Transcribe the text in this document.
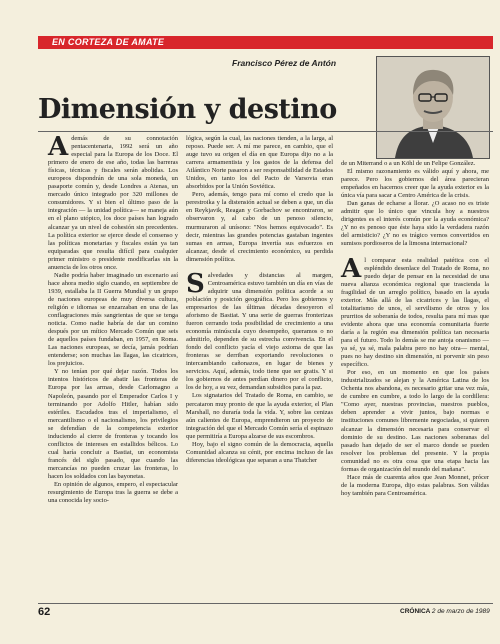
EN CORTEZA DE AMATE
Francisco Pérez de Antón
Dimensión y destino

Además de su connotación pentacentenaria, 1992 será un año especial para la Europa de los Doce. El primero de enero de ese año, todas las barreras físicas, técnicas y fiscales serán abolidas. Los europeos dispondrán de una sola moneda, un pasaporte común y, desde Londres a Atenas, un mercado único integrado por 320 millones de consumidores. Y si bien el último paso de la integración — la unidad política— se maneja aún en el plano utópico, los doce países han logrado alcanzar ya un nivel de cohesión sin precedentes. La política exterior se ejerce desde el consenso y las políticas monetarias y fiscales están ya tan equiparadas que resulta difícil para cualquier primer ministro o presidente modificarlas sin la anuencia de los otros once.

Nadie podría haber imaginado un escenario así hace ahora medio siglo cuando, en septiembre de 1939, estallaba la II Guerra Mundial y un grupo de naciones europeas de muy diversa cultura, religión e idiomas se enzarzaban en una de las conflagraciones más sangrientas de que se tenga noticia. Como nadie habría de dar un comino después por un mítico Mercado Común que seis de aquellos países fundaban, en 1957, en Roma. Las naciones europeas, se decía, jamás podrían entenderse; son muchas las llagas, las cicatrices, los prejuicios.

Y no tenían por qué dejar razón. Todos los intentos históricos de abatir las fronteras de Europa por las armas, desde Carlomagno a Napoleón, pasando por el Emperador Carlos I y terminando por Adolfo Hitler, habían sido estériles. Escudados tras el imperialismo, el mercantilismo o el nacionalismo, los privilegios se defendían de la competencia exterior induciendo al cierre de fronteras y tocando los conflictos de intereses en estallidos bélicos. Lo cual haría concluir a Bastiat, un economista francés del siglo pasado, que cuando las mercancías no pueden cruzar las fronteras, lo hacen los soldados con las bayonetas.

En opinión de algunos, empero, el espectacular resurgimiento de Europa tras la guerra se debe a una conocida ley socio-

lógica, según la cual, las naciones tienden, a la larga, al reposo. Puede ser. A mí me parece, en cambio, que el auge tuvo su origen el día en que Europa dijo no a la carrera armamentista y los gastos de la defensa del Atlántico Norte pasaron a ser responsabilidad de Estados Unidos, en tanto los del Pacto de Varsovia eran absorbidos por la Unión Soviética.

Pero, además, tengo para mí como el credo que la perestroika y la distensión actual se deben a que, un día en Reykjavik, Reagan y Gorbachov se encontraron, se observaron y, al cabo de un penoso silencio, murmuraron al unísono: "Nos hemos equivocado". Es decir, mientras las grandes potencias gastaban ingentes sumas en armas, Europa invertía sus esfuerzos en alcanzar, desde el crecimiento económico, su perdida dimensión política.

Salvedades y distancias al margen, Centroamérica estuvo también un día en vías de adquirir una dimensión política acorde a su población y posición geográfica. Pero los gobiernos y empresarios de las últimas décadas desoyeron el aforismo de Bastiat. Y una serie de guerras fronterizas fueron cerrando toda posibilidad de crecimiento a una economía minúscula cuyo desempeño, queramos o no admitirlo, dependen de su estrecha convivencia. En el fondo del conflicto yacía el viejo axioma de que las fronteras se derriban exportando revoluciones o intercambiando cañonazos, en lugar de bienes y servicios. Aquí, además, todo tiene que ser gratis. Y si los gobiernos de antes perdían dinero por el conflicto, los de hoy, a su vez, demandan subsidios para la paz.

Los signatarios del Tratado de Roma, en cambio, se percataron muy pronto de que la ayuda exterior, el Plan Marshall, no duraría toda la vida. Y, sobre las cenizas aún calientes de Europa, emprendieron un proyecto de integración del que el Mercado Común sería el espinazo que permitiría a Europa alzarse de sus escombros.

Hoy, bajo el signo común de la democracia, aquella Comunidad alcanza su cénit, por encima incluso de las diferencias ideológicas que separan a una Thatcher

de un Miterrand o a un Köhl de un Felipe González.

El mismo razonamiento es válido aquí y ahora, me parece. Pero los gobiernos del área parecieran empeñados en hacernos creer que la ayuda exterior es la única vía para sacar a Centro América de la crisis.

Dan ganas de echarse a llorar. ¿O acaso no es triste admitir que lo único que vincula hoy a nuestros dirigentes es el interés común por la ayuda económica? ¿Y no es penoso que éste haya sido la verdadera razón del armisticio? ¿Y no es trágico vernos convertidos en sumisos pordioseros de la limosna internacional?

Al comparar esta realidad patética con el espléndido desenlace del Tratado de Roma, no puedo dejar de pensar en la necesidad de una nueva alianza económica regional que trascienda la fragilidad de un arreglo político, basado en la ayuda exterior. Más allá de las cicatrices y las llagas, el totalitarismo de unos, el servilismo de otros y los prurritos de soberanía de todos, resulta para mí mas que evidente ahora que una economía comunitaria fuerte daría a la región esa dimensión política tan necesaria para el futuro. Todo lo demás se me antoja onanismo —ya sé, ya sé, mala palabra pero no hay otra— mental, pues no hay destino sin dimensión, ni porvenir sin peso específico.

Por eso, en un momento en que los países industrializados se alejan y la América Latina de los Ochenta nos abandona, es necesario gritar una vez más, de cumbre en cumbre, a todo lo largo de la cordillera: "Como ayer, nuestras provincias, nuestros pueblos, deben aprender a vivir juntos, bajo normas e instituciones comunes libremente negociadas, si quieren alcanzar la dimensión necesaria para conservar el dominio de su destino. Las naciones soberanas del pasado han dejado de ser el marco donde se pueden resolver los problemas del presente. Y la propia comunidad no es otra cosa que una etapa hacia las formas de organización del mundo del mañana".

Hace más de cuarenta años que Jean Monnet, prócer de la moderna Europa, dijo estas palabras. Son válidas hoy también para Centroamérica.

62	CRÓNICA 2 de marzo de 1989
